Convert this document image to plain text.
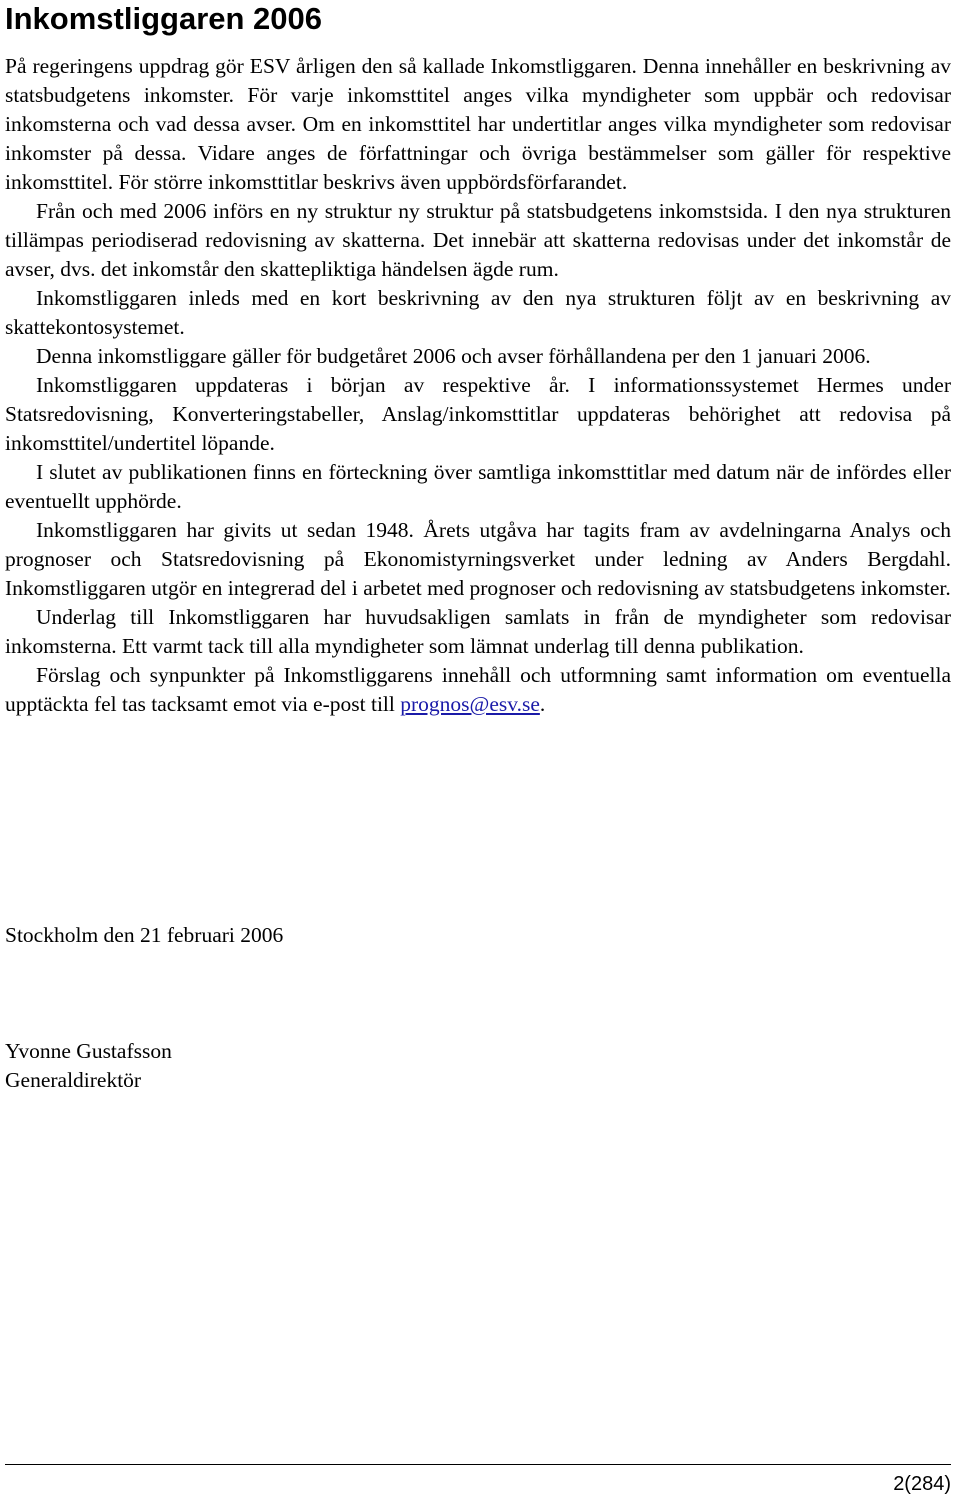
Inkomstliggaren 2006

På regeringens uppdrag gör ESV årligen den så kallade Inkomstliggaren. Denna innehåller en beskrivning av statsbudgetens inkomster. För varje inkomsttitel anges vilka myndigheter som uppbär och redovisar inkomsterna och vad dessa avser. Om en inkomsttitel har undertitlar anges vilka myndigheter som redovisar inkomster på dessa. Vidare anges de författningar och övriga bestämmelser som gäller för respektive inkomsttitel. För större inkomsttitlar beskrivs även uppbördsförfarandet.

Från och med 2006 införs en ny struktur ny struktur på statsbudgetens inkomstsida. I den nya strukturen tillämpas periodiserad redovisning av skatterna. Det innebär att skatterna redovisas under det inkomstår de avser, dvs. det inkomstår den skattepliktiga händelsen ägde rum.

Inkomstliggaren inleds med en kort beskrivning av den nya strukturen följt av en beskrivning av skattekontosystemet.

Denna inkomstliggare gäller för budgetåret 2006 och avser förhållandena per den 1 januari 2006.

Inkomstliggaren uppdateras i början av respektive år. I informationssystemet Hermes under Statsredovisning, Konverteringstabeller, Anslag/inkomsttitlar uppdateras behörighet att redovisa på inkomsttitel/undertitel löpande.

I slutet av publikationen finns en förteckning över samtliga inkomsttitlar med datum när de infördes eller eventuellt upphörde.

Inkomstliggaren har givits ut sedan 1948. Årets utgåva har tagits fram av avdelningarna Analys och prognoser och Statsredovisning på Ekonomistyrningsverket under ledning av Anders Bergdahl. Inkomstliggaren utgör en integrerad del i arbetet med prognoser och redovisning av statsbudgetens inkomster.

Underlag till Inkomstliggaren har huvudsakligen samlats in från de myndigheter som redovisar inkomsterna. Ett varmt tack till alla myndigheter som lämnat underlag till denna publikation.

Förslag och synpunkter på Inkomstliggarens innehåll och utformning samt information om eventuella upptäckta fel tas tacksamt emot via e-post till prognos@esv.se.

Stockholm den 21 februari 2006
Yvonne Gustafsson
Generaldirektör
2(284)
